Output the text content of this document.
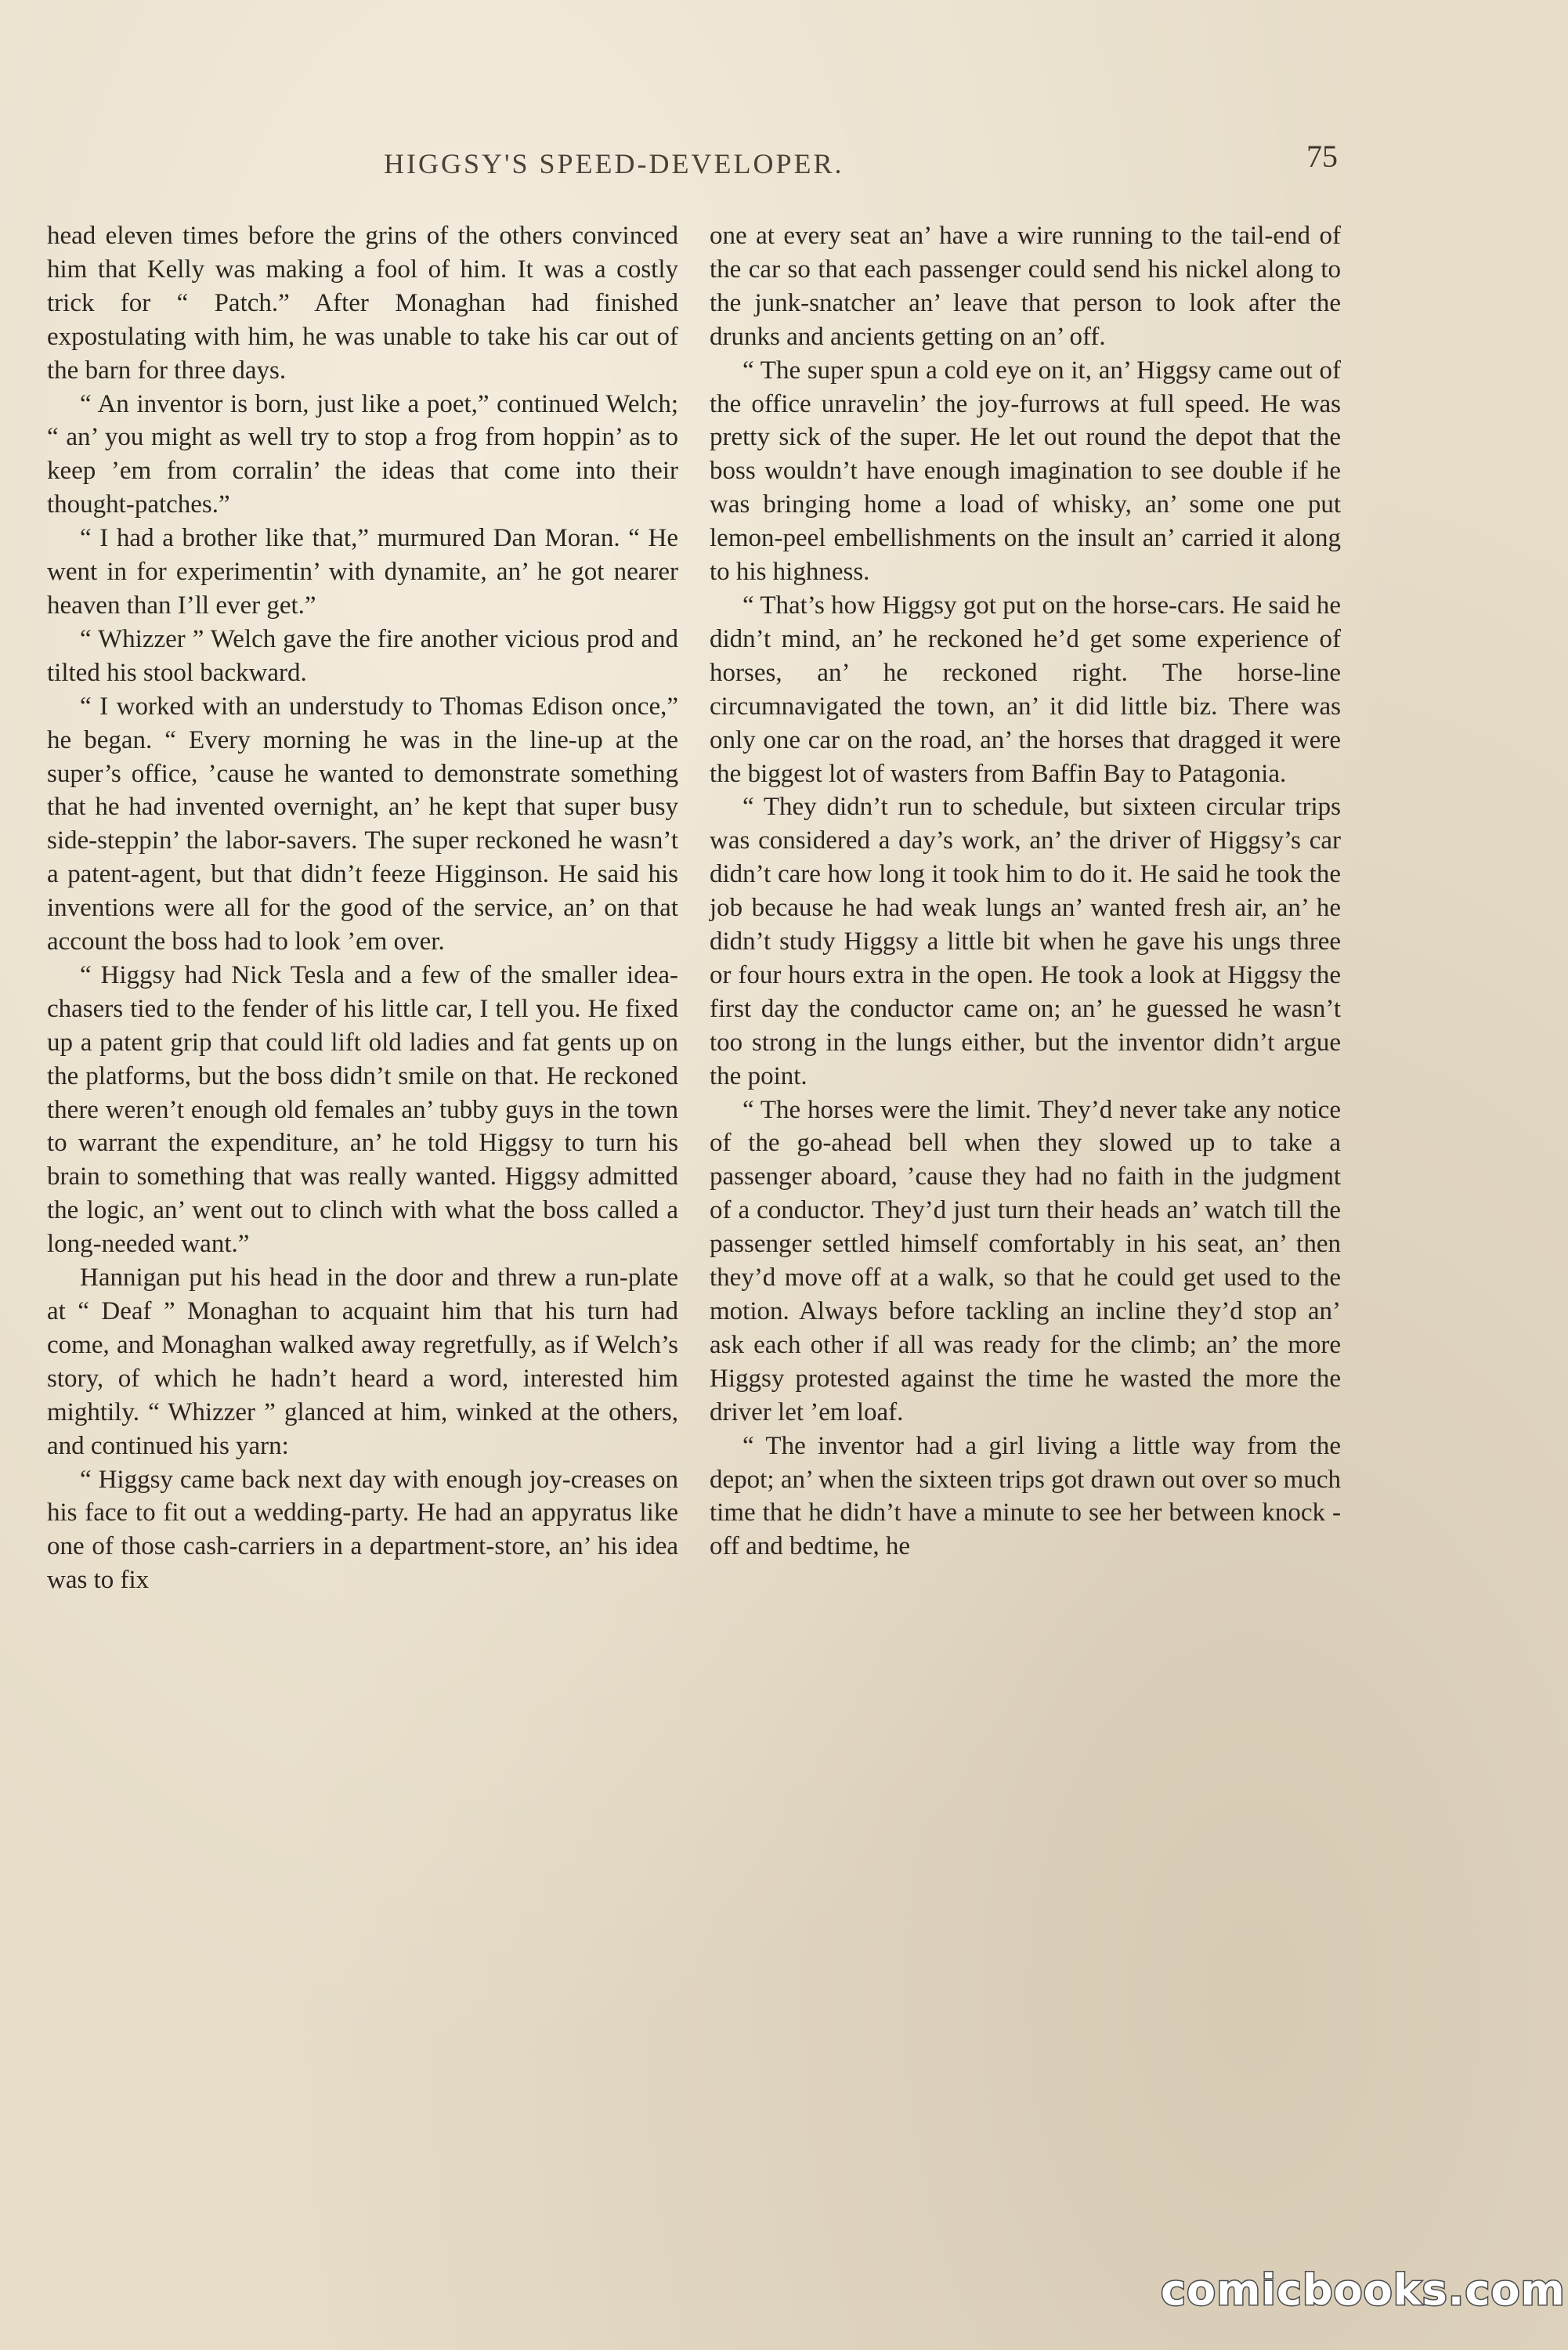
HIGGSY'S SPEED-DEVELOPER.	75

head eleven times before the grins of the others convinced him that Kelly was making a fool of him. It was a costly trick for “ Patch.” After Monaghan had finished expostulating with him, he was unable to take his car out of the barn for three days.

“ An inventor is born, just like a poet,” continued Welch; “ an’ you might as well try to stop a frog from hoppin’ as to keep ’em from corralin’ the ideas that come into their thought-patches.”

“ I had a brother like that,” murmured Dan Moran. “ He went in for experimentin’ with dynamite, an’ he got nearer heaven than I’ll ever get.”

“ Whizzer ” Welch gave the fire another vicious prod and tilted his stool backward.

“ I worked with an understudy to Thomas Edison once,” he began. “ Every morning he was in the line-up at the super’s office, ’cause he wanted to demonstrate something that he had invented overnight, an’ he kept that super busy side-steppin’ the labor-savers. The super reckoned he wasn’t a patent-agent, but that didn’t feeze Higginson. He said his inventions were all for the good of the service, an’ on that account the boss had to look ’em over.

“ Higgsy had Nick Tesla and a few of the smaller idea-chasers tied to the fender of his little car, I tell you. He fixed up a patent grip that could lift old ladies and fat gents up on the platforms, but the boss didn’t smile on that. He reckoned there weren’t enough old females an’ tubby guys in the town to warrant the expenditure, an’ he told Higgsy to turn his brain to something that was really wanted. Higgsy admitted the logic, an’ went out to clinch with what the boss called a long-needed want.”

Hannigan put his head in the door and threw a run-plate at “ Deaf ” Monaghan to acquaint him that his turn had come, and Monaghan walked away regretfully, as if Welch’s story, of which he hadn’t heard a word, interested him mightily. “ Whizzer ” glanced at him, winked at the others, and continued his yarn:

“ Higgsy came back next day with enough joy-creases on his face to fit out a wedding-party. He had an appyratus like one of those cash-carriers in a department-store, an’ his idea was to fix

one at every seat an’ have a wire running to the tail-end of the car so that each passenger could send his nickel along to the junk-snatcher an’ leave that person to look after the drunks and ancients getting on an’ off.

“ The super spun a cold eye on it, an’ Higgsy came out of the office unravelin’ the joy-furrows at full speed. He was pretty sick of the super. He let out round the depot that the boss wouldn’t have enough imagination to see double if he was bringing home a load of whisky, an’ some one put lemon-peel embellishments on the insult an’ carried it along to his highness.

“ That’s how Higgsy got put on the horse-cars. He said he didn’t mind, an’ he reckoned he’d get some experience of horses, an’ he reckoned right. The horse-line circumnavigated the town, an’ it did little biz. There was only one car on the road, an’ the horses that dragged it were the biggest lot of wasters from Baffin Bay to Patagonia.

“ They didn’t run to schedule, but sixteen circular trips was considered a day’s work, an’ the driver of Higgsy’s car didn’t care how long it took him to do it. He said he took the job because he had weak lungs an’ wanted fresh air, an’ he didn’t study Higgsy a little bit when he gave his ungs three or four hours extra in the open. He took a look at Higgsy the first day the conductor came on; an’ he guessed he wasn’t too strong in the lungs either, but the inventor didn’t argue the point.

“ The horses were the limit. They’d never take any notice of the go-ahead bell when they slowed up to take a passenger aboard, ’cause they had no faith in the judgment of a conductor. They’d just turn their heads an’ watch till the passenger settled himself comfortably in his seat, an’ then they’d move off at a walk, so that he could get used to the motion. Always before tackling an incline they’d stop an’ ask each other if all was ready for the climb; an’ the more Higgsy protested against the time he wasted the more the driver let ’em loaf.

“ The inventor had a girl living a little way from the depot; an’ when the sixteen trips got drawn out over so much time that he didn’t have a minute to see her between knock - off and bedtime, he

comicbooks.com
